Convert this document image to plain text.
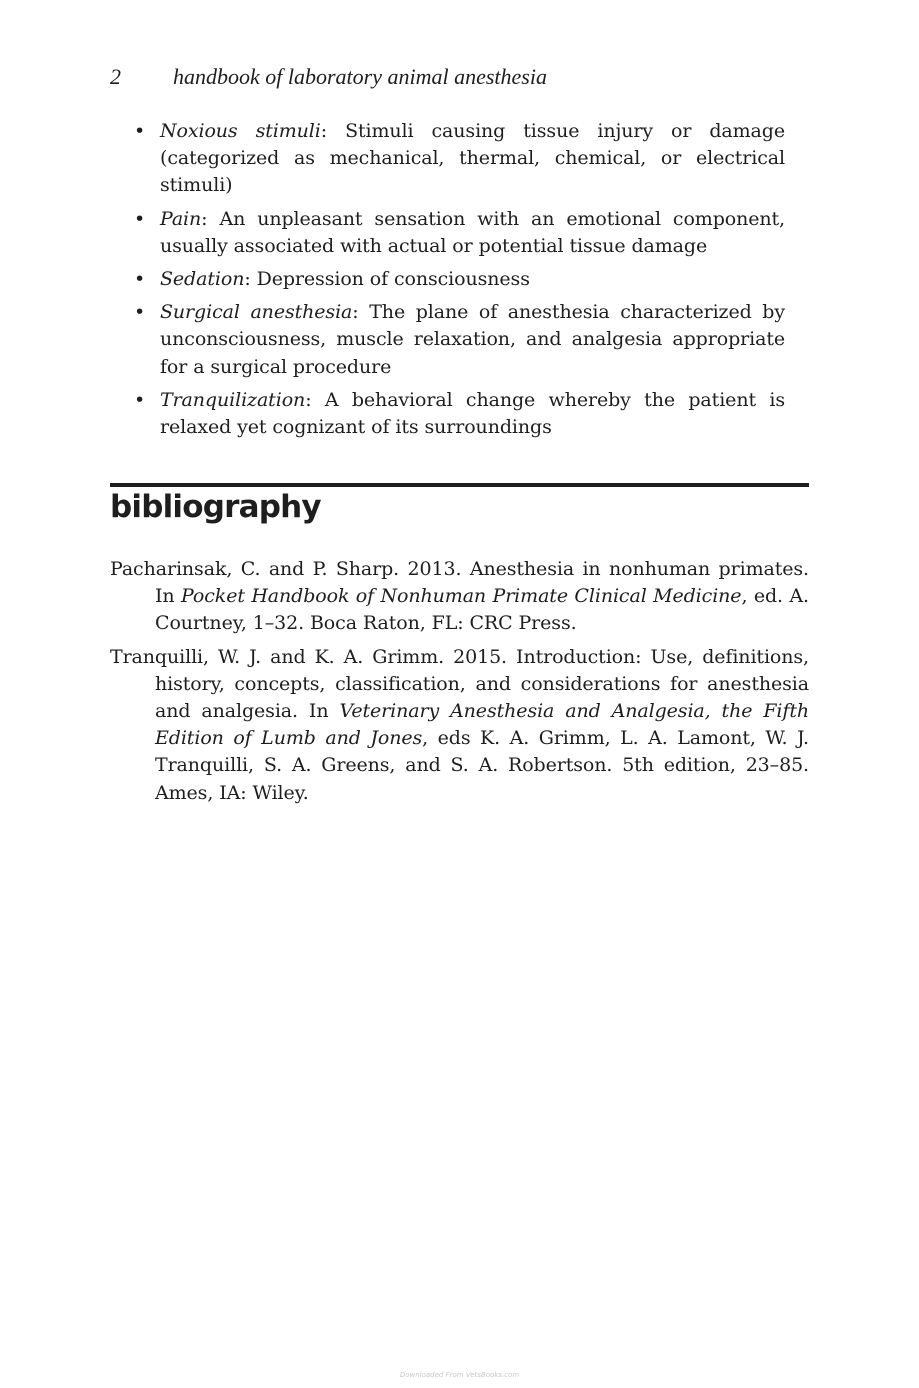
2 handbook of laboratory animal anesthesia
• Noxious stimuli: Stimuli causing tissue injury or damage (categorized as mechanical, thermal, chemical, or electrical stimuli)
• Pain: An unpleasant sensation with an emotional component, usually associated with actual or potential tissue damage
• Sedation: Depression of consciousness
• Surgical anesthesia: The plane of anesthesia characterized by unconsciousness, muscle relaxation, and analgesia appropriate for a surgical procedure
• Tranquilization: A behavioral change whereby the patient is relaxed yet cognizant of its surroundings
bibliography

Pacharinsak, C. and P. Sharp. 2013. Anesthesia in nonhuman primates. In Pocket Handbook of Nonhuman Primate Clinical Medicine, ed. A. Courtney, 1–32. Boca Raton, FL: CRC Press.

Tranquilli, W. J. and K. A. Grimm. 2015. Introduction: Use, definitions, history, concepts, classification, and considerations for anesthesia and analgesia. In Veterinary Anesthesia and Analgesia, the Fifth Edition of Lumb and Jones, eds K. A. Grimm, L. A. Lamont, W. J. Tranquilli, S. A. Greens, and S. A. Robertson. 5th edition, 23–85. Ames, IA: Wiley.

Downloaded From VetsBooks.com
